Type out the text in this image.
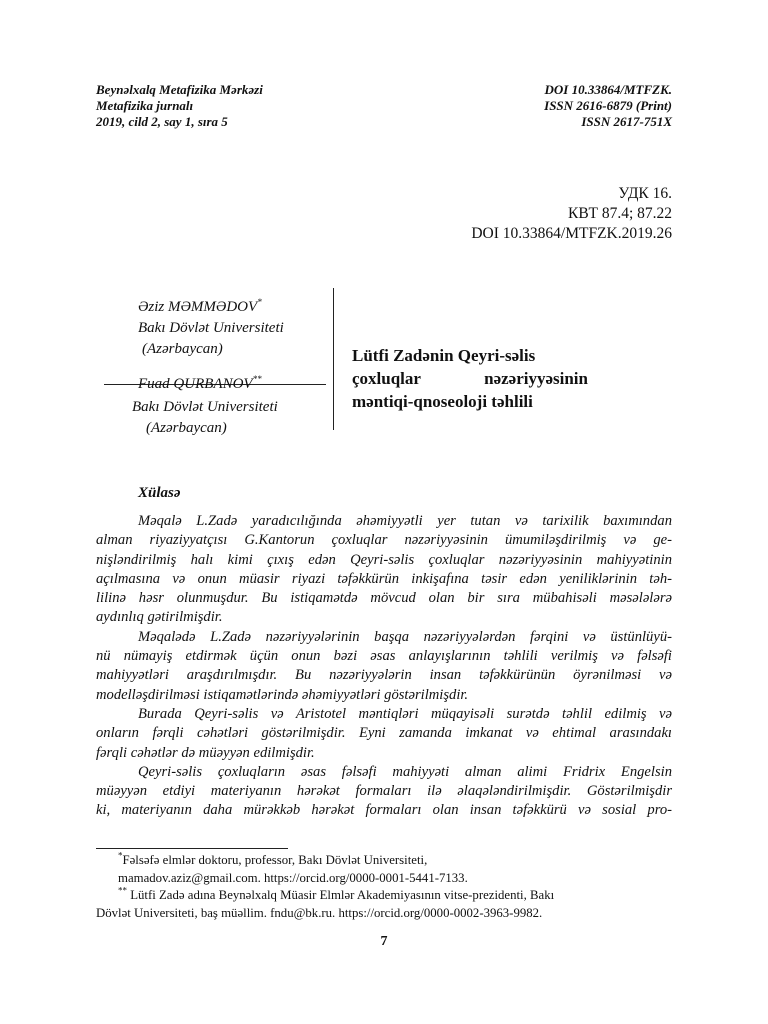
Beynəlxalq Metafizika Mərkəzi
Metafizika jurnalı
2019, cild 2, say 1, sıra 5
DOI 10.33864/MTFZK.
ISSN 2616-6879 (Print)
ISSN 2617-751X
УДК 16.
КВТ 87.4; 87.22
DOI 10.33864/MTFZK.2019.26
Əziz MƏMMƏDOV*
Bakı Dövlət Universiteti
(Azərbaycan)
Fuad QURBANOV**
Bakı Dövlət Universiteti
(Azərbaycan)
Lütfi Zadənin Qeyri-səlis
çoxluqlar	nəzəriyyəsinin
məntiqi-qnoseoloji təhlili
Xülasə
Məqalə L.Zadə yaradıcılığında əhəmiyyətli yer tutan və tarixilik baxımından
alman riyaziyyatçısı G.Kantorun çoxluqlar nəzəriyyəsinin ümumiləşdirilmiş və ge-
nişləndirilmiş halı kimi çıxış edən Qeyri-səlis çoxluqlar nəzəriyyəsinin mahiyyətinin
açılmasına və onun müasir riyazi təfəkkürün inkişafına təsir edən yeniliklərinin təh-
lilinə həsr olunmuşdur. Bu istiqamətdə mövcud olan bir sıra mübahisəli məsələlərə
aydınlıq gətirilmişdir.
Məqalədə L.Zadə nəzəriyyələrinin başqa nəzəriyyələrdən fərqini və üstünlüyü-
nü nümayiş etdirmək üçün onun bəzi əsas anlayışlarının təhlili verilmiş və fəlsəfi
mahiyyətləri araşdırılmışdır. Bu nəzəriyyələrin insan təfəkkürünün öyrənilməsi və
modelləşdirilməsi istiqamətlərində əhəmiyyətləri göstərilmişdir.
Burada Qeyri-səlis və Aristotel məntiqləri müqayisəli surətdə təhlil edilmiş və
onların fərqli cəhətləri göstərilmişdir. Eyni zamanda imkanat və ehtimal arasındakı
fərqli cəhətlər də müəyyən edilmişdir.
Qeyri-səlis çoxluqların əsas fəlsəfi mahiyyəti alman alimi Fridrix Engelsin
müəyyən etdiyi materiyanın hərəkət formaları ilə əlaqələndirilmişdir. Göstərilmişdir
ki, materiyanın daha mürəkkəb hərəkət formaları olan insan təfəkkürü və sosial pro-
*Fəlsəfə elmlər doktoru, professor, Bakı Dövlət Universiteti,
mamadov.aziz@gmail.com. https://orcid.org/0000-0001-5441-7133.
** Lütfi Zadə adına Beynəlxalq Müasir Elmlər Akademiyasının vitse-prezidenti, Bakı
Dövlət Universiteti, baş müəllim. fndu@bk.ru. https://orcid.org/0000-0002-3963-9982.
7
